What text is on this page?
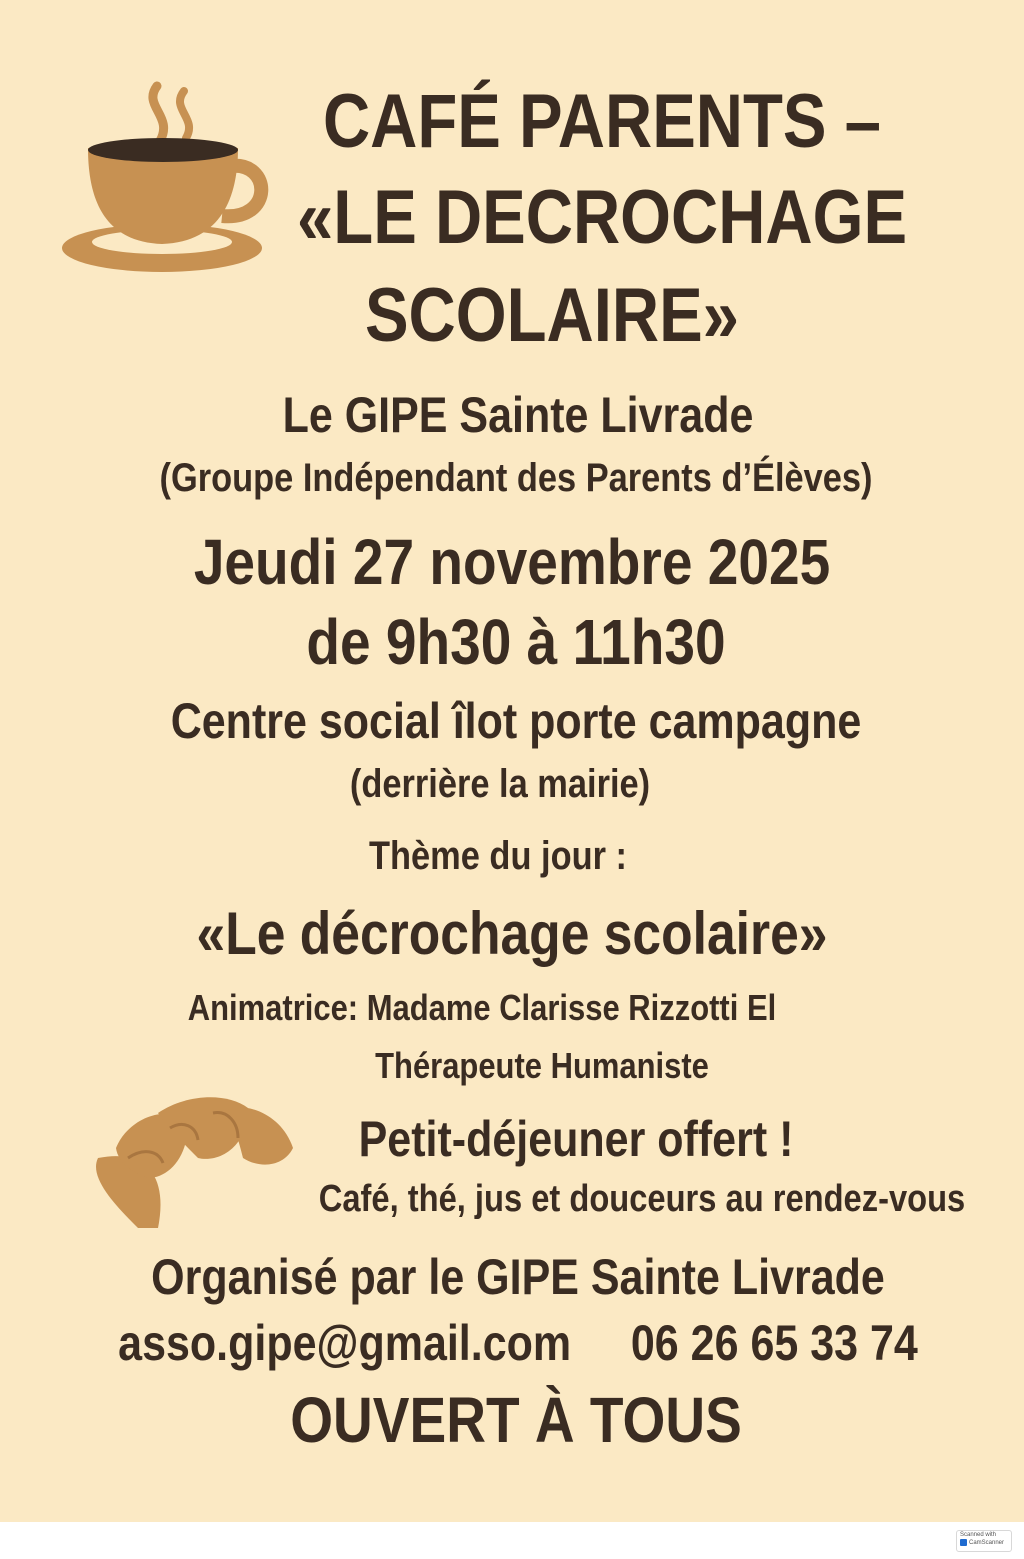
CAFÉ PARENTS –
«LE DECROCHAGE
SCOLAIRE»
Le GIPE Sainte Livrade
(Groupe Indépendant des Parents d’Élèves)
Jeudi 27 novembre 2025
de 9h30 à 11h30
Centre social îlot porte campagne
(derrière la mairie)
Thème du jour :
«Le décrochage scolaire»
Animatrice: Madame Clarisse Rizzotti El
Thérapeute Humaniste
Petit-déjeuner offert !
Café, thé, jus et douceurs au rendez-vous
Organisé par le GIPE Sainte Livrade
asso.gipe@gmail.com 06 26 65 33 74
OUVERT À TOUS
Scanned with
CamScanner
